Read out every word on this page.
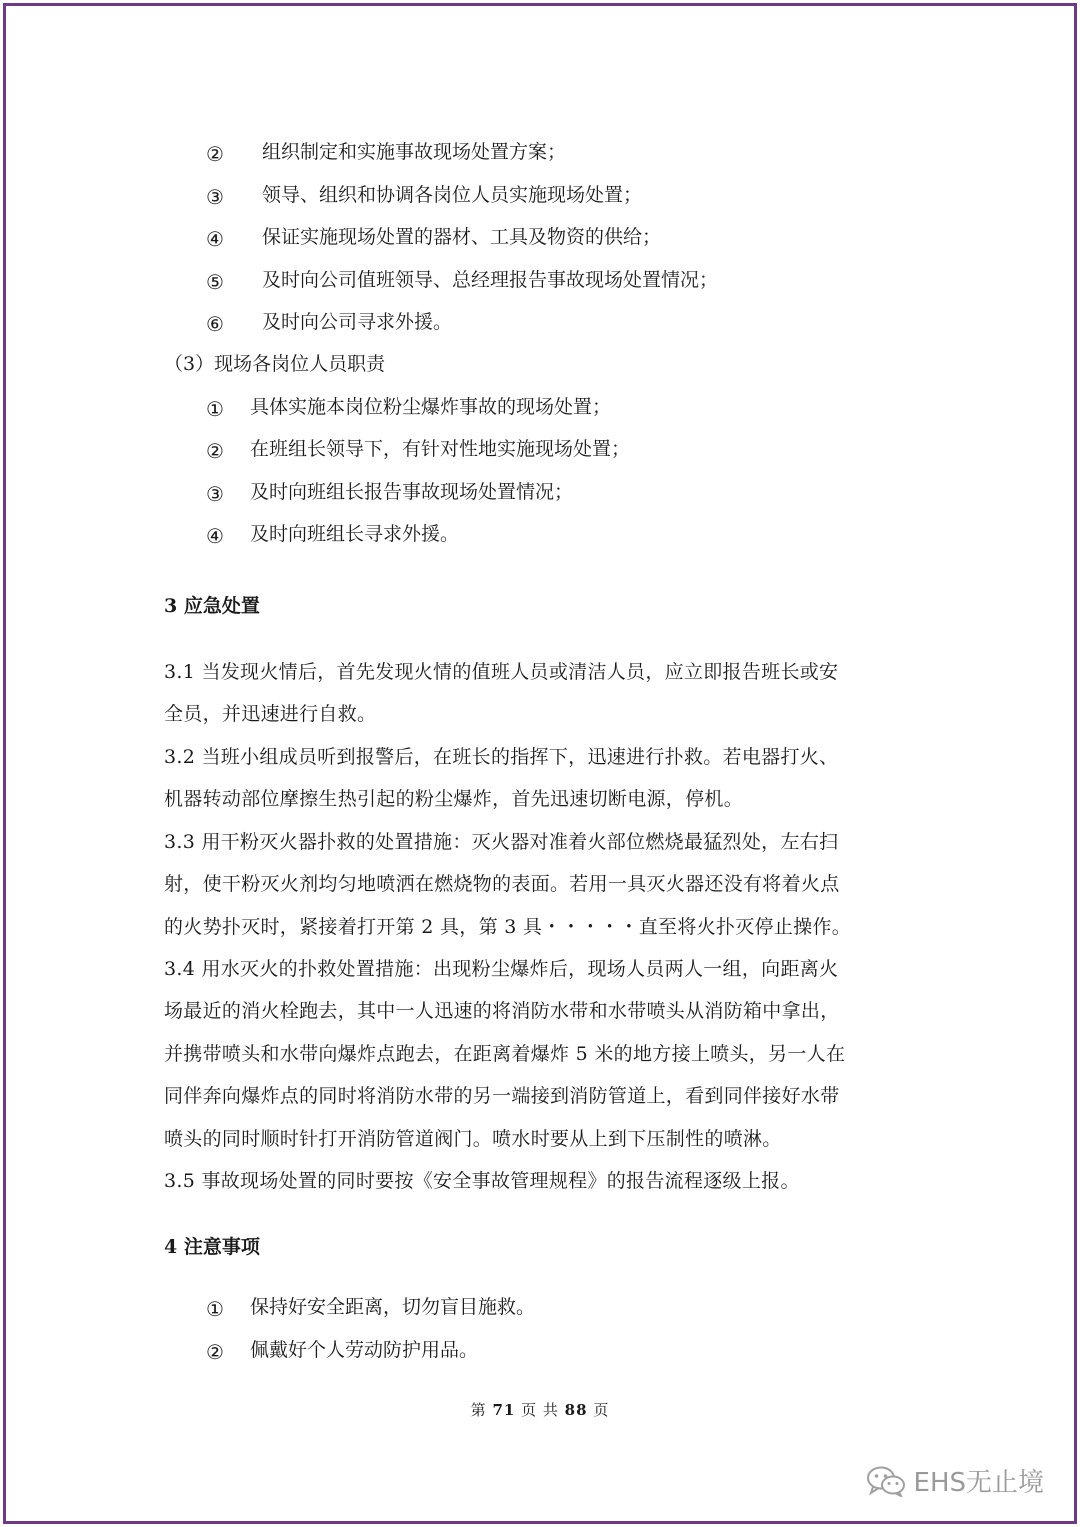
② 组织制定和实施事故现场处置方案；
③ 领导、组织和协调各岗位人员实施现场处置；
④ 保证实施现场处置的器材、工具及物资的供给；
⑤ 及时向公司值班领导、总经理报告事故现场处置情况；
⑥ 及时向公司寻求外援。
（3）现场各岗位人员职责
① 具体实施本岗位粉尘爆炸事故的现场处置；
② 在班组长领导下，有针对性地实施现场处置；
③ 及时向班组长报告事故现场处置情况；
④ 及时向班组长寻求外援。
3 应急处置
3.1 当发现火情后，首先发现火情的值班人员或清洁人员，应立即报告班长或安
全员，并迅速进行自救。
3.2 当班小组成员听到报警后，在班长的指挥下，迅速进行扑救。若电器打火、
机器转动部位摩擦生热引起的粉尘爆炸，首先迅速切断电源，停机。
3.3 用干粉灭火器扑救的处置措施：灭火器对准着火部位燃烧最猛烈处，左右扫
射，使干粉灭火剂均匀地喷洒在燃烧物的表面。若用一具灭火器还没有将着火点
的火势扑灭时，紧接着打开第 2 具，第 3 具・・・・・直至将火扑灭停止操作。
3.4 用水灭火的扑救处置措施：出现粉尘爆炸后，现场人员两人一组，向距离火
场最近的消火栓跑去，其中一人迅速的将消防水带和水带喷头从消防箱中拿出，
并携带喷头和水带向爆炸点跑去，在距离着爆炸 5 米的地方接上喷头，另一人在
同伴奔向爆炸点的同时将消防水带的另一端接到消防管道上，看到同伴接好水带
喷头的同时顺时针打开消防管道阀门。喷水时要从上到下压制性的喷淋。
3.5 事故现场处置的同时要按《安全事故管理规程》的报告流程逐级上报。
4 注意事项
① 保持好安全距离，切勿盲目施救。
② 佩戴好个人劳动防护用品。
第 71 页 共 88 页
EHS无止境
